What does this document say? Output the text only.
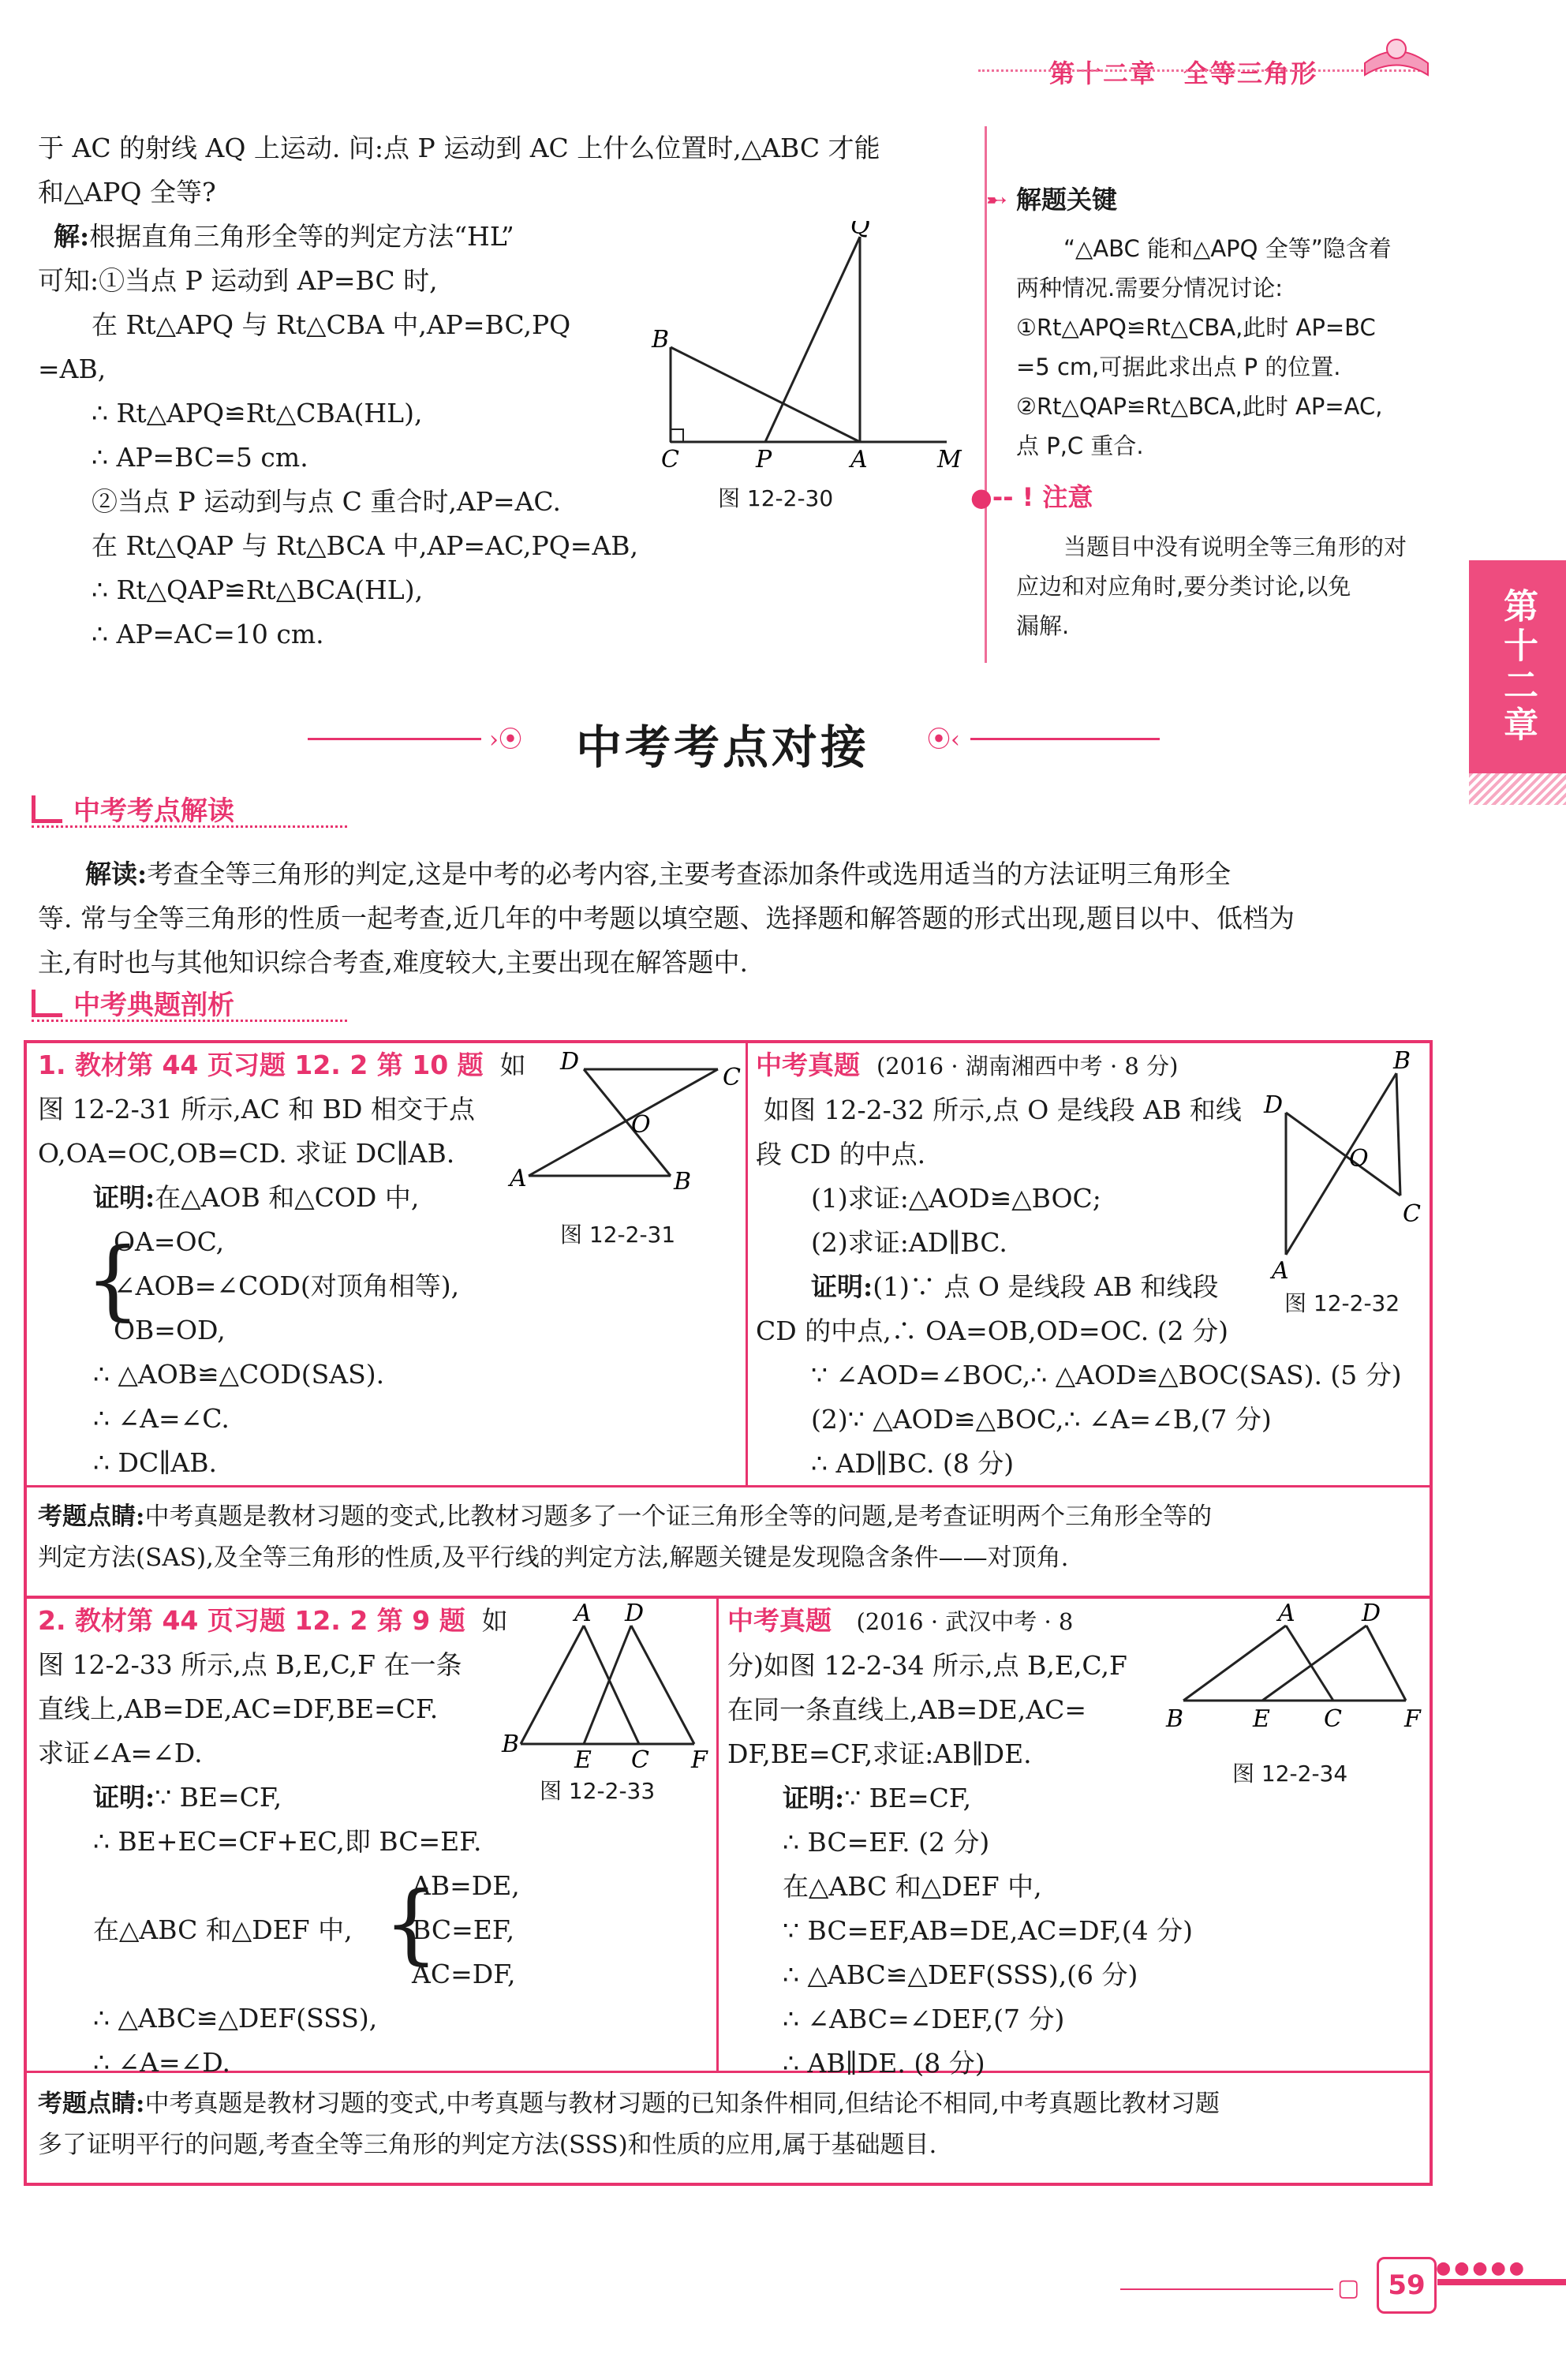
第十二章　全等三角形
第十二章
于 AC 的射线 AQ 上运动. 问:点 P 运动到 AC 上什么位置时,△ABC 才能
和△APQ 全等?
解:根据直角三角形全等的判定方法“HL”
可知:①当点 P 运动到 AP=BC 时,
在 Rt△APQ 与 Rt△CBA 中,AP=BC,PQ
=AB,
∴ Rt△APQ≌Rt△CBA(HL),
∴ AP=BC=5 cm.
②当点 P 运动到与点 C 重合时,AP=AC.
在 Rt△QAP 与 Rt△BCA 中,AP=AC,PQ=AB,
∴ Rt△QAP≌Rt△BCA(HL),
∴ AP=AC=10 cm.
Q
B
C	P	A	M
图 12-2-30
➸ 解题关键
“△ABC 能和△APQ 全等”隐含着
两种情况.需要分情况讨论:
①Rt△APQ≌Rt△CBA,此时 AP=BC
=5 cm,可据此求出点 P 的位置.
②Rt△QAP≌Rt△BCA,此时 AP=AC,
点 P,C 重合.
●-- ! 注意
当题目中没有说明全等三角形的对
应边和对应角时,要分类讨论,以免
漏解.
›⦿ 中考考点对接 ⦿‹
中考考点解读
解读:考查全等三角形的判定,这是中考的必考内容,主要考查添加条件或选用适当的方法证明三角形全
等. 常与全等三角形的性质一起考查,近几年的中考题以填空题、选择题和解答题的形式出现,题目以中、低档为
主,有时也与其他知识综合考查,难度较大,主要出现在解答题中.
中考典题剖析
1. 教材第 44 页习题 12. 2 第 10 题 如
图 12-2-31 所示,AC 和 BD 相交于点
O,OA=OC,OB=CD. 求证 DC∥AB.
证明:在△AOB 和△COD 中,
{
OA=OC,
∠AOB=∠COD(对顶角相等),
OB=OD,
∴ △AOB≌△COD(SAS).
∴ ∠A=∠C.
∴ DC∥AB.
D
C
O
A	B
图 12-2-31
中考真题 (2016 · 湖南湘西中考 · 8 分)
如图 12-2-32 所示,点 O 是线段 AB 和线
段 CD 的中点.
(1)求证:△AOD≌△BOC;
(2)求证:AD∥BC.
证明:(1)∵ 点 O 是线段 AB 和线段
CD 的中点,∴ OA=OB,OD=OC. (2 分)
∵ ∠AOD=∠BOC,∴ △AOD≌△BOC(SAS). (5 分)
(2)∵ △AOD≌△BOC,∴ ∠A=∠B,(7 分)
∴ AD∥BC. (8 分)
B
D
O
C
A
图 12-2-32
考题点睛:中考真题是教材习题的变式,比教材习题多了一个证三角形全等的问题,是考查证明两个三角形全等的
判定方法(SAS),及全等三角形的性质,及平行线的判定方法,解题关键是发现隐含条件——对顶角.
2. 教材第 44 页习题 12. 2 第 9 题 如
图 12-2-33 所示,点 B,E,C,F 在一条
直线上,AB=DE,AC=DF,BE=CF.
求证∠A=∠D.
证明:∵ BE=CF,
∴ BE+EC=CF+EC,即 BC=EF.
在△ABC 和△DEF 中, {
AB=DE,
BC=EF,
AC=DF,
∴ △ABC≌△DEF(SSS),
∴ ∠A=∠D.
A D
B
E C F
图 12-2-33
中考真题 (2016 · 武汉中考 · 8
分)如图 12-2-34 所示,点 B,E,C,F
在同一条直线上,AB=DE,AC=
DF,BE=CF,求证:AB∥DE.
证明:∵ BE=CF,
∴ BC=EF. (2 分)
在△ABC 和△DEF 中,
∵ BC=EF,AB=DE,AC=DF,(4 分)
∴ △ABC≌△DEF(SSS),(6 分)
∴ ∠ABC=∠DEF,(7 分)
∴ AB∥DE. (8 分)
A	D
B	E C	F
图 12-2-34
考题点睛:中考真题是教材习题的变式,中考真题与教材习题的已知条件相同,但结论不相同,中考真题比教材习题
多了证明平行的问题,考查全等三角形的判定方法(SSS)和性质的应用,属于基础题目.
▢	59
●●●●●
